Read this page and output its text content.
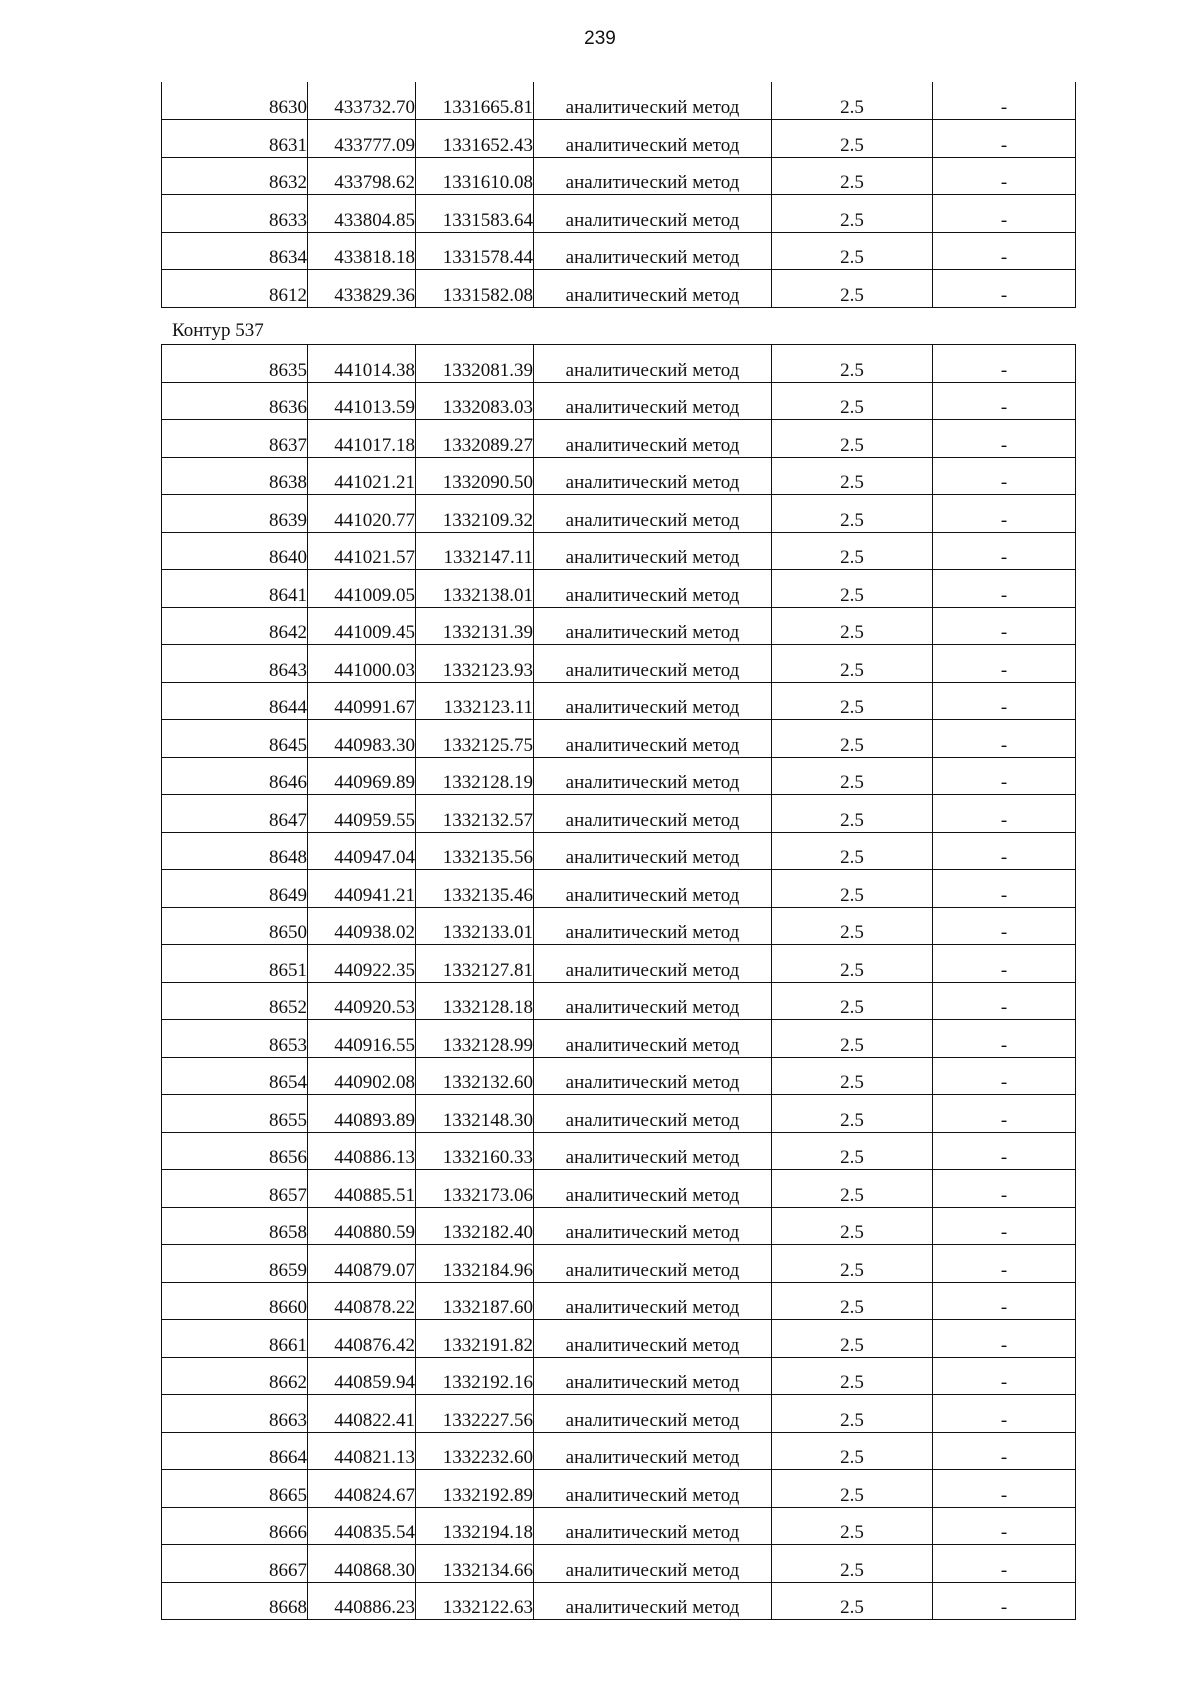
239
8630	433732.70	1331665.81	аналитический метод	2.5	-
8631	433777.09	1331652.43	аналитический метод	2.5	-
8632	433798.62	1331610.08	аналитический метод	2.5	-
8633	433804.85	1331583.64	аналитический метод	2.5	-
8634	433818.18	1331578.44	аналитический метод	2.5	-
8612	433829.36	1331582.08	аналитический метод	2.5	-
Контур 537
8635	441014.38	1332081.39	аналитический метод	2.5	-
8636	441013.59	1332083.03	аналитический метод	2.5	-
8637	441017.18	1332089.27	аналитический метод	2.5	-
8638	441021.21	1332090.50	аналитический метод	2.5	-
8639	441020.77	1332109.32	аналитический метод	2.5	-
8640	441021.57	1332147.11	аналитический метод	2.5	-
8641	441009.05	1332138.01	аналитический метод	2.5	-
8642	441009.45	1332131.39	аналитический метод	2.5	-
8643	441000.03	1332123.93	аналитический метод	2.5	-
8644	440991.67	1332123.11	аналитический метод	2.5	-
8645	440983.30	1332125.75	аналитический метод	2.5	-
8646	440969.89	1332128.19	аналитический метод	2.5	-
8647	440959.55	1332132.57	аналитический метод	2.5	-
8648	440947.04	1332135.56	аналитический метод	2.5	-
8649	440941.21	1332135.46	аналитический метод	2.5	-
8650	440938.02	1332133.01	аналитический метод	2.5	-
8651	440922.35	1332127.81	аналитический метод	2.5	-
8652	440920.53	1332128.18	аналитический метод	2.5	-
8653	440916.55	1332128.99	аналитический метод	2.5	-
8654	440902.08	1332132.60	аналитический метод	2.5	-
8655	440893.89	1332148.30	аналитический метод	2.5	-
8656	440886.13	1332160.33	аналитический метод	2.5	-
8657	440885.51	1332173.06	аналитический метод	2.5	-
8658	440880.59	1332182.40	аналитический метод	2.5	-
8659	440879.07	1332184.96	аналитический метод	2.5	-
8660	440878.22	1332187.60	аналитический метод	2.5	-
8661	440876.42	1332191.82	аналитический метод	2.5	-
8662	440859.94	1332192.16	аналитический метод	2.5	-
8663	440822.41	1332227.56	аналитический метод	2.5	-
8664	440821.13	1332232.60	аналитический метод	2.5	-
8665	440824.67	1332192.89	аналитический метод	2.5	-
8666	440835.54	1332194.18	аналитический метод	2.5	-
8667	440868.30	1332134.66	аналитический метод	2.5	-
8668	440886.23	1332122.63	аналитический метод	2.5	-
